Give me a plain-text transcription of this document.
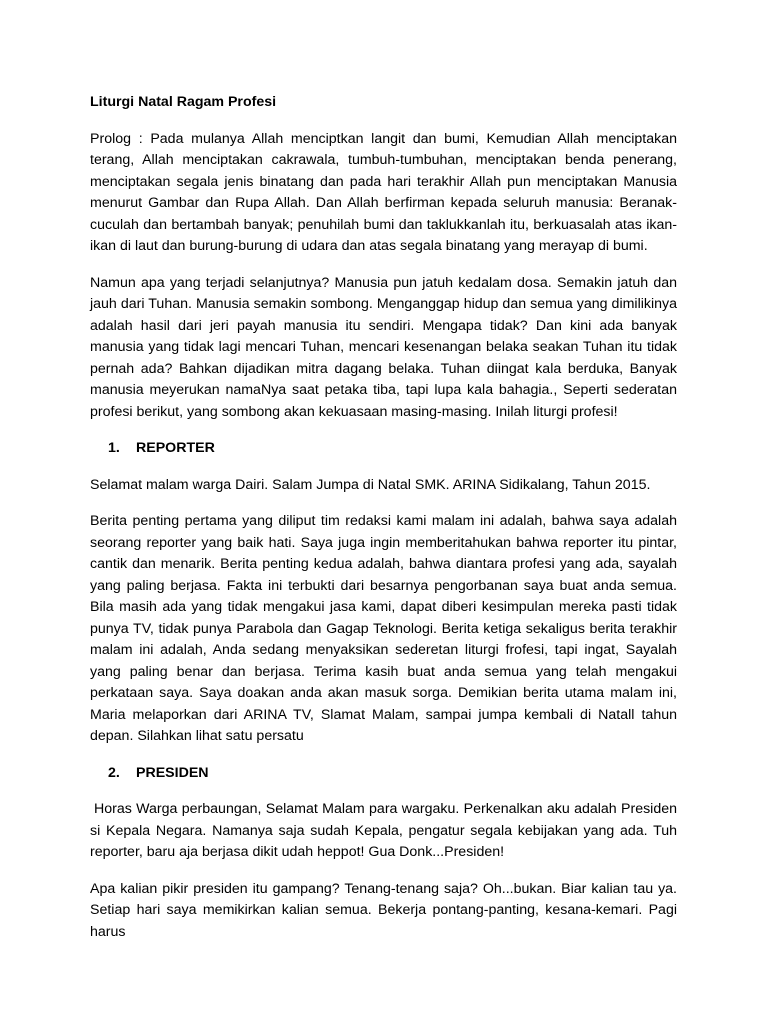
Liturgi Natal Ragam Profesi

Prolog : Pada mulanya Allah menciptkan langit dan bumi, Kemudian Allah menciptakan terang, Allah menciptakan cakrawala, tumbuh-tumbuhan, menciptakan benda penerang, menciptakan segala jenis binatang dan pada hari terakhir Allah pun menciptakan Manusia menurut Gambar dan Rupa Allah. Dan Allah berfirman kepada seluruh manusia: Beranak-cuculah dan bertambah banyak; penuhilah bumi dan taklukkanlah itu, berkuasalah atas ikan-ikan di laut dan burung-burung di udara dan atas segala binatang yang merayap di bumi.

Namun apa yang terjadi selanjutnya? Manusia pun jatuh kedalam dosa. Semakin jatuh dan jauh dari Tuhan. Manusia semakin sombong. Menganggap hidup dan semua yang dimilikinya adalah hasil dari jeri payah manusia itu sendiri. Mengapa tidak? Dan kini ada banyak manusia yang tidak lagi mencari Tuhan, mencari kesenangan belaka seakan Tuhan itu tidak pernah ada? Bahkan dijadikan mitra dagang belaka. Tuhan diingat kala berduka, Banyak manusia meyerukan namaNya saat petaka tiba, tapi lupa kala bahagia., Seperti sederatan profesi berikut, yang sombong akan kekuasaan masing-masing. Inilah liturgi profesi!

1.	REPORTER

Selamat malam warga Dairi. Salam Jumpa di Natal SMK. ARINA Sidikalang, Tahun 2015.

Berita penting pertama yang diliput tim redaksi kami malam ini adalah, bahwa saya adalah seorang reporter yang baik hati. Saya juga ingin memberitahukan bahwa reporter itu pintar, cantik dan menarik. Berita penting kedua adalah, bahwa diantara profesi yang ada, sayalah yang paling berjasa. Fakta ini terbukti dari besarnya pengorbanan saya buat anda semua. Bila masih ada yang tidak mengakui jasa kami, dapat diberi kesimpulan mereka pasti tidak punya TV, tidak punya Parabola dan Gagap Teknologi. Berita ketiga sekaligus berita terakhir malam ini adalah, Anda sedang menyaksikan sederetan liturgi frofesi, tapi ingat, Sayalah yang paling benar dan berjasa. Terima kasih buat anda semua yang telah mengakui perkataan saya. Saya doakan anda akan masuk sorga. Demikian berita utama malam ini, Maria melaporkan dari ARINA TV, Slamat Malam, sampai jumpa kembali di Natall tahun depan. Silahkan lihat satu persatu

2.	PRESIDEN

Horas Warga perbaungan, Selamat Malam para wargaku. Perkenalkan aku adalah Presiden si Kepala Negara. Namanya saja sudah Kepala, pengatur segala kebijakan yang ada. Tuh reporter, baru aja berjasa dikit udah heppot! Gua Donk...Presiden!

Apa kalian pikir presiden itu gampang? Tenang-tenang saja? Oh...bukan. Biar kalian tau ya. Setiap hari saya memikirkan kalian semua. Bekerja pontang-panting, kesana-kemari. Pagi harus
